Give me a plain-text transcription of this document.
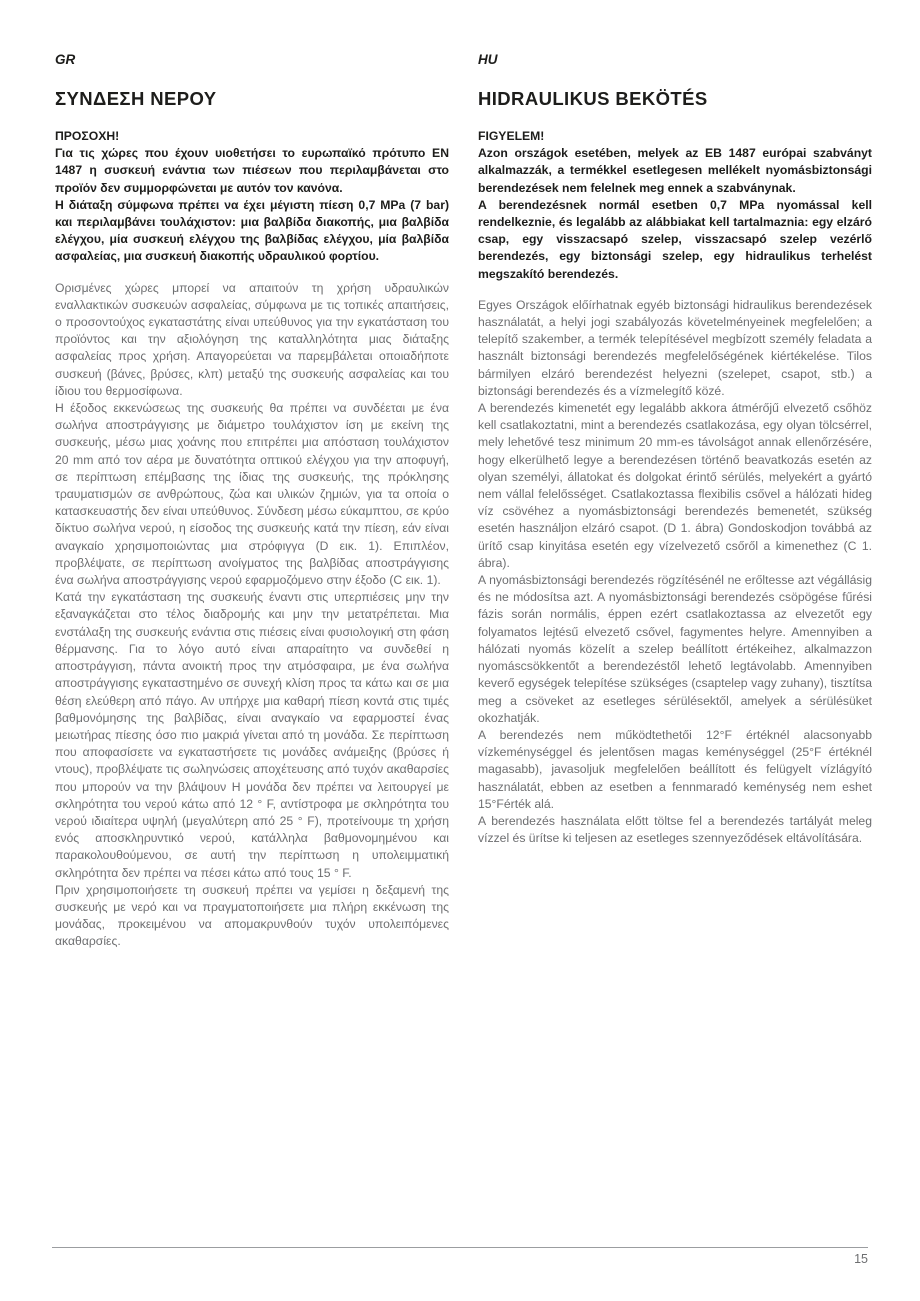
GR

ΣΥΝΔΕΣΗ ΝΕΡΟΥ

ΠΡΟΣΟΧΗ!

Για τις χώρες που έχουν υιοθετήσει το ευρωπαϊκό πρότυπο EN 1487 η συσκευή ενάντια των πιέσεων που περιλαμβάνεται στο προϊόν δεν συμμορφώνεται με αυτόν τον κανόνα.

Η διάταξη σύμφωνα πρέπει να έχει μέγιστη πίεση 0,7 MPa (7 bar) και περιλαμβάνει τουλάχιστον: μια βαλβίδα διακοπής, μια βαλβίδα ελέγχου, μία συσκευή ελέγχου της βαλβίδας ελέγχου, μία βαλβίδα ασφαλείας, μια συσκευή διακοπής υδραυλικού φορτίου.

Ορισμένες χώρες μπορεί να απαιτούν τη χρήση υδραυλικών εναλλακτικών συσκευών ασφαλείας, σύμφωνα με τις τοπικές απαιτήσεις, ο προσοντούχος εγκαταστάτης είναι υπεύθυνος για την εγκατάσταση του προϊόντος και την αξιολόγηση της καταλληλότητα μιας διάταξης ασφαλείας προς χρήση. Απαγορεύεται να παρεμβάλεται οποιαδήποτε συσκευή (βάνες, βρύσες, κλπ) μεταξύ της συσκευής ασφαλείας και του ίδιου του θερμοσίφωνα.

Η έξοδος εκκενώσεως της συσκευής θα πρέπει να συνδέεται με ένα σωλήνα αποστράγγισης με διάμετρο τουλάχιστον ίση με εκείνη της συσκευής, μέσω μιας χοάνης που επιτρέπει μια απόσταση τουλάχιστον 20 mm από τον αέρα με δυνατότητα οπτικού ελέγχου για την αποφυγή, σε περίπτωση επέμβασης της ίδιας της συσκευής, της πρόκλησης τραυματισμών σε ανθρώπους, ζώα και υλικών ζημιών, για τα οποία ο κατασκευαστής δεν είναι υπεύθυνος. Σύνδεση μέσω εύκαμπτου, σε κρύο δίκτυο σωλήνα νερού, η είσοδος της συσκευής κατά την πίεση, εάν είναι αναγκαίο χρησιμοποιώντας μια στρόφιγγα (D εικ. 1). Επιπλέον, προβλέψατε, σε περίπτωση ανοίγματος της βαλβίδας αποστράγγισης ένα σωλήνα αποστράγγισης νερού εφαρμοζόμενο στην έξοδο (C εικ. 1).

Κατά την εγκατάσταση της συσκευής έναντι στις υπερπιέσεις μην την εξαναγκάζεται στο τέλος διαδρομής και μην την μετατρέπεται. Μια ενστάλαξη της συσκευής ενάντια στις πιέσεις είναι φυσιολογική στη φάση θέρμανσης. Για το λόγο αυτό είναι απαραίτητο να συνδεθεί η αποστράγγιση, πάντα ανοικτή προς την ατμόσφαιρα, με ένα σωλήνα αποστράγγισης εγκαταστημένο σε συνεχή κλίση προς τα κάτω και σε μια θέση ελεύθερη από πάγο. Αν υπήρχε μια καθαρή πίεση κοντά στις τιμές βαθμονόμησης της βαλβίδας, είναι αναγκαίο να εφαρμοστεί ένας μειωτήρας πίεσης όσο πιο μακριά γίνεται από τη μονάδα. Σε περίπτωση που αποφασίσετε να εγκαταστήσετε τις μονάδες ανάμειξης (βρύσες ή ντους), προβλέψατε τις σωληνώσεις αποχέτευσης από τυχόν ακαθαρσίες που μπορούν να την βλάψουν Η μονάδα δεν πρέπει να λειτουργεί με σκληρότητα του νερού κάτω από 12 ° F, αντίστροφα με σκληρότητα του νερού ιδιαίτερα υψηλή (μεγαλύτερη από 25 ° F), προτείνουμε τη χρήση ενός αποσκληρυντικό νερού, κατάλληλα βαθμονομημένου και παρακολουθούμενου, σε αυτή την περίπτωση η υπολειμματική σκληρότητα δεν πρέπει να πέσει κάτω από τους 15 ° F.

Πριν χρησιμοποιήσετε τη συσκευή πρέπει να γεμίσει η δεξαμενή της συσκευής με νερό και να πραγματοποιήσετε μια πλήρη εκκένωση της μονάδας, προκειμένου να απομακρυνθούν τυχόν υπολειπόμενες ακαθαρσίες.

HU

HIDRAULIKUS BEKÖTÉS

FIGYELEM!

Azon országok esetében, melyek az EB 1487 európai szabványt alkalmazzák, a termékkel esetlegesen mellékelt nyomásbiztonsági berendezések nem felelnek meg ennek a szabványnak.

A berendezésnek normál esetben 0,7 MPa nyomással kell rendelkeznie, és legalább az alábbiakat kell tartalmaznia: egy elzáró csap, egy visszacsapó szelep, visszacsapó szelep vezérlő berendezés, egy biztonsági szelep, egy hidraulikus terhelést megszakító berendezés.

Egyes Országok előírhatnak egyéb biztonsági hidraulikus berendezések használatát, a helyi jogi szabályozás követelményeinek megfelelően; a telepítő szakember, a termék telepítésével megbízott személy feladata a használt biztonsági berendezés megfelelőségének kiértékelése. Tilos bármilyen elzáró berendezést helyezni (szelepet, csapot, stb.) a biztonsági berendezés és a vízmelegítő közé.

A berendezés kimenetét egy legalább akkora átmérőjű elvezető csőhöz kell csatlakoztatni, mint a berendezés csatlakozása, egy olyan tölcsérrel, mely lehetővé tesz minimum 20 mm-es távolságot annak ellenőrzésére, hogy elkerülhető legye a berendezésen történő beavatkozás esetén az olyan személyi, állatokat és dolgokat érintő sérülés, melyekért a gyártó nem vállal felelősséget. Csatlakoztassa flexibilis csővel a hálózati hideg víz csövéhez a nyomásbiztonsági berendezés bemenetét, szükség esetén használjon elzáró csapot. (D 1. ábra) Gondoskodjon továbbá az ürítő csap kinyitása esetén egy vízelvezető csőről a kimenethez (C 1. ábra).

A nyomásbiztonsági berendezés rögzítésénél ne erőltesse azt végállásig és ne módosítsa azt. A nyomásbiztonsági berendezés csöpögése fűrési fázis során normális, éppen ezért csatlakoztassa az elvezetőt egy folyamatos lejtésű elvezető csővel, fagymentes helyre. Amennyiben a hálózati nyomás közelít a szelep beállított értékeihez, alkalmazzon nyomáscsökkentőt a berendezéstől lehető legtávolabb. Amennyiben keverő egységek telepítése szükséges (csaptelep vagy zuhany), tisztítsa meg a csöveket az esetleges sérülésektől, amelyek a sérülésüket okozhatják.

A berendezés nem működtethetői 12°F értéknél alacsonyabb vízkeménységgel és jelentősen magas keménységgel (25°F értéknél magasabb), javasoljuk megfelelően beállított és felügyelt vízlágyító használatát, ebben az esetben a fennmaradó keménység nem eshet 15°Férték alá.

A berendezés használata előtt töltse fel a berendezés tartályát meleg vízzel és ürítse ki teljesen az esetleges szennyeződések eltávolítására.

15
